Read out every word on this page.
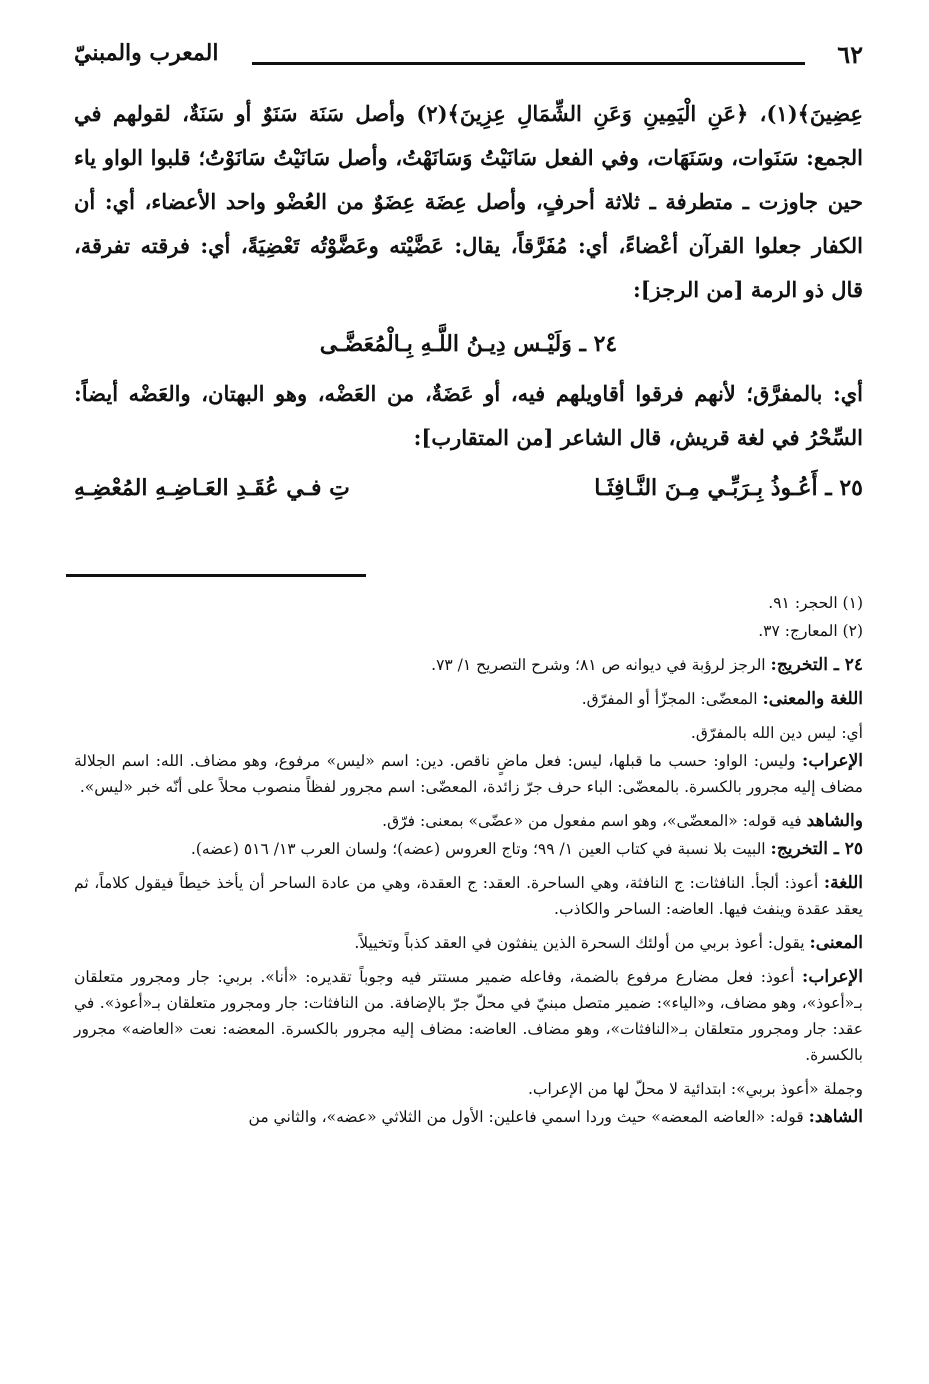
٦٢
المعرب والمبنيّ

عِضِينَ﴾(١)، ﴿عَنِ الْيَمِينِ وَعَنِ الشِّمَالِ عِزِينَ﴾(٢) وأصل سَنَة سَنَوٌ أو سَنَةٌ، لقولهم في الجمع: سَنَوات، وسَنَهَات، وفي الفعل سَانَيْتُ وَسَانَهْتُ، وأصل سَانَيْتُ سَانَوْتُ؛ قلبوا الواو ياء حين جاوزت ـ متطرفة ـ ثلاثة أحرفٍ، وأصل عِضَة عِضَوٌ من العُضْو واحد الأعضاء، أي: أن الكفار جعلوا القرآن أعْضاءً، أي: مُفَرَّقاً، يقال: عَضَّيْته وعَضَّوْتُه تَعْضِيَةً، أي: فرقته تفرقة، قال ذو الرمة [من الرجز]:

٢٤ ـ وَلَيْـس دِيـنُ اللَّـهِ بِـالْمُعَضَّـى

أي: بالمفرَّق؛ لأنهم فرقوا أقاويلهم فيه، أو عَضَةٌ، من العَضْه، وهو البهتان، والعَضْه أيضاً: السِّحْرُ في لغة قريش، قال الشاعر [من المتقارب]:

٢٥ ـ أَعُـوذُ بِـرَبِّـي مِـنَ النَّـافِثَـا
تِ فـي عُقَـدِ العَـاضِـهِ المُعْضِـهِ
(١) الحجر: ٩١.
(٢) المعارج: ٣٧.
٢٤ ـ التخريج: الرجز لرؤبة في ديوانه ص ٨١؛ وشرح التصريح ١/ ٧٣.
اللغة والمعنى: المعضّى: المجزّأ أو المفرّق.
أي: ليس دين الله بالمفرّق.
الإعراب: وليس: الواو: حسب ما قبلها، ليس: فعل ماضٍ ناقص. دين: اسم «ليس» مرفوع، وهو مضاف. الله: اسم الجلالة مضاف إليه مجرور بالكسرة. بالمعضّى: الباء حرف جرّ زائدة، المعضّى: اسم مجرور لفظاً منصوب محلاً على أنّه خبر «ليس».
والشاهد فيه قوله: «المعضّى»، وهو اسم مفعول من «عضّى» بمعنى: فرّق.
٢٥ ـ التخريج: البيت بلا نسبة في كتاب العين ١/ ٩٩؛ وتاج العروس (عضه)؛ ولسان العرب ١٣/ ٥١٦ (عضه).
اللغة: أعوذ: ألجأ. النافثات: ج النافثة، وهي الساحرة. العقد: ج العقدة، وهي من عادة الساحر أن يأخذ خيطاً فيقول كلاماً، ثم يعقد عقدة وينفث فيها. العاضه: الساحر والكاذب.
المعنى: يقول: أعوذ بربي من أولئك السحرة الذين ينفثون في العقد كذباً وتخييلاً.
الإعراب: أعوذ: فعل مضارع مرفوع بالضمة، وفاعله ضمير مستتر فيه وجوباً تقديره: «أنا». بربي: جار ومجرور متعلقان بـ«أعوذ»، وهو مضاف، و«الياء»: ضمير متصل مبنيّ في محلّ جرّ بالإضافة. من النافثات: جار ومجرور متعلقان بـ«أعوذ». في عقد: جار ومجرور متعلقان بـ«النافثات»، وهو مضاف. العاضه: مضاف إليه مجرور بالكسرة. المعضه: نعت «العاضه» مجرور بالكسرة.
وجملة «أعوذ بربي»: ابتدائية لا محلّ لها من الإعراب.
الشاهد: قوله: «العاضه المعضه» حيث وردا اسمي فاعلين: الأول من الثلاثي «عضه»، والثاني من
